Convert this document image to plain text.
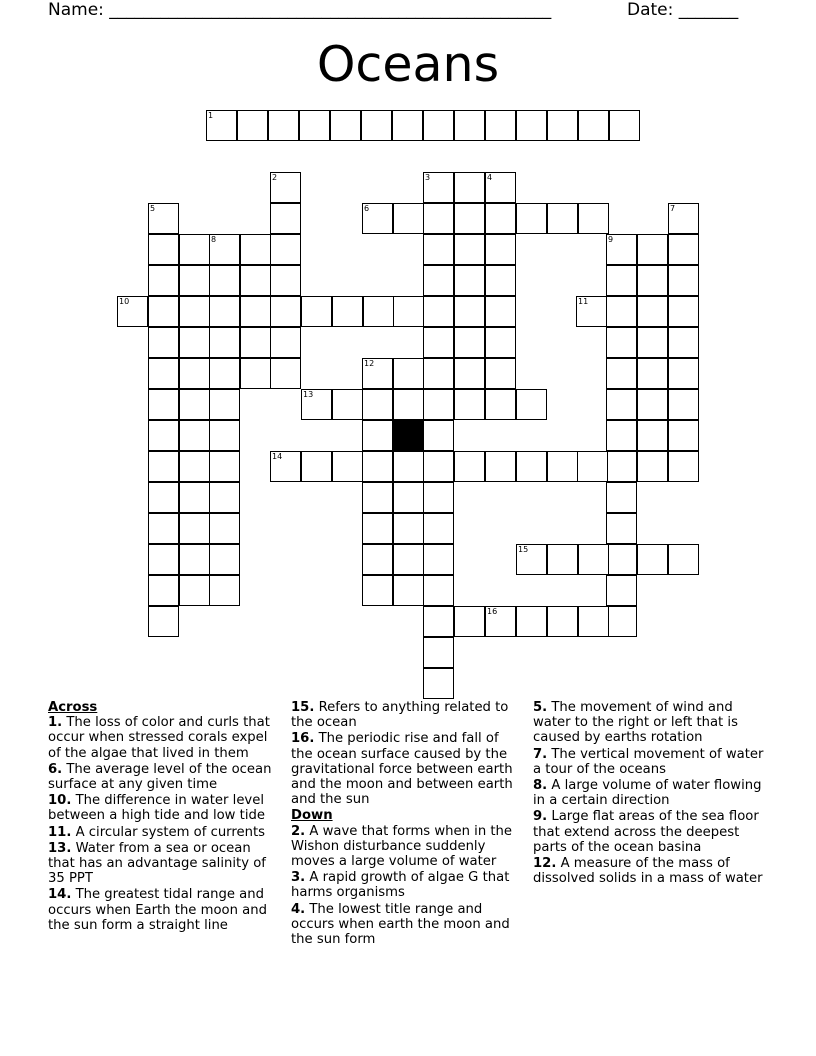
Name: ____________________________________________________	Date: _______
Oceans
1
2	3	4
5	6	7
8	9
10	11
12
13
15
16
14
Across

1. The loss of color and curls that occur when stressed corals expel of the algae that lived in them

6. The average level of the ocean surface at any given time

10. The difference in water level between a high tide and low tide

11. A circular system of currents

13. Water from a sea or ocean that has an advantage salinity of 35 PPT

14. The greatest tidal range and occurs when Earth the moon and the sun form a straight line

15. Refers to anything related to the ocean

16. The periodic rise and fall of the ocean surface caused by the gravitational force between earth and the moon and between earth and the sun

Down

2. A wave that forms when in the Wishon disturbance suddenly moves a large volume of water

3. A rapid growth of algae G that harms organisms

4. The lowest title range and occurs when earth the moon and the sun form

5. The movement of wind and water to the right or left that is caused by earths rotation

7. The vertical movement of water a tour of the oceans

8. A large volume of water flowing in a certain direction

9. Large flat areas of the sea floor that extend across the deepest parts of the ocean basina

12. A measure of the mass of dissolved solids in a mass of water
